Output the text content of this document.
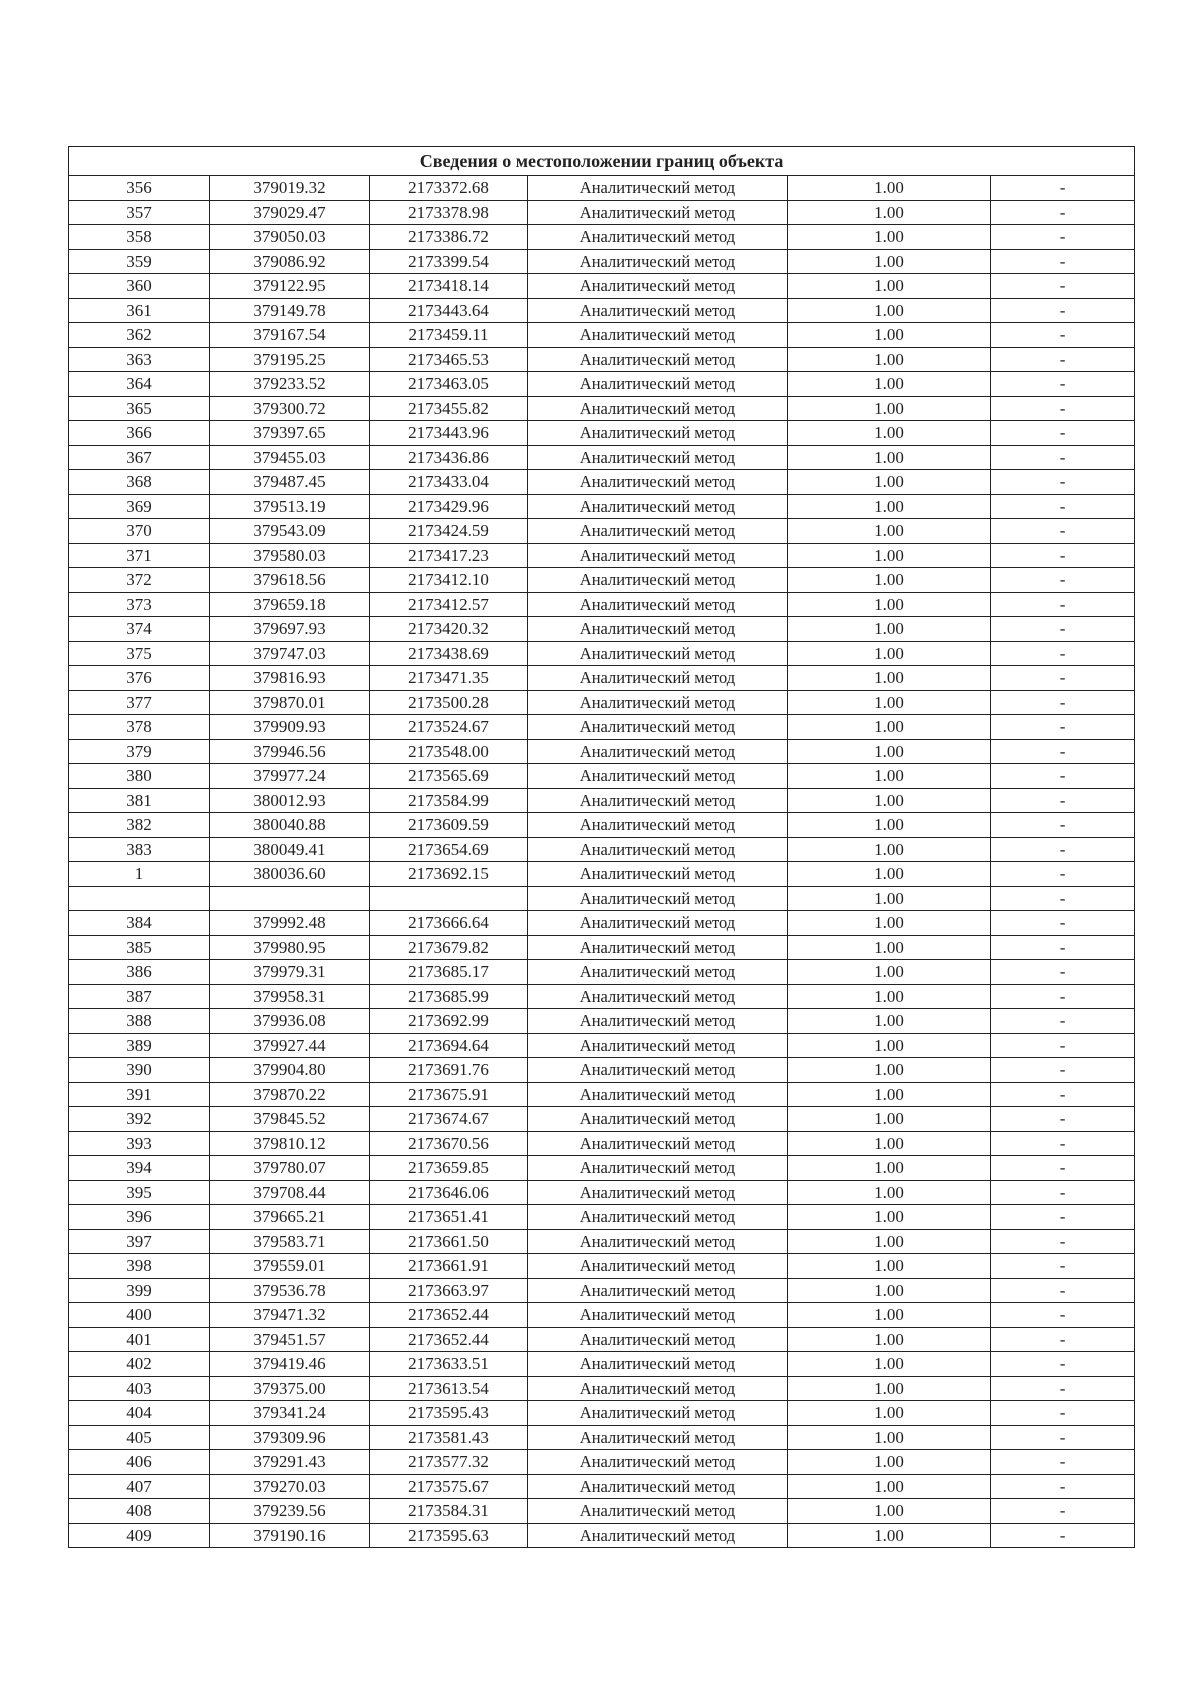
Сведения о местоположении границ объекта					
356	379019.32	2173372.68	Аналитический метод	1.00	-
357	379029.47	2173378.98	Аналитический метод	1.00	-
358	379050.03	2173386.72	Аналитический метод	1.00	-
359	379086.92	2173399.54	Аналитический метод	1.00	-
360	379122.95	2173418.14	Аналитический метод	1.00	-
361	379149.78	2173443.64	Аналитический метод	1.00	-
362	379167.54	2173459.11	Аналитический метод	1.00	-
363	379195.25	2173465.53	Аналитический метод	1.00	-
364	379233.52	2173463.05	Аналитический метод	1.00	-
365	379300.72	2173455.82	Аналитический метод	1.00	-
366	379397.65	2173443.96	Аналитический метод	1.00	-
367	379455.03	2173436.86	Аналитический метод	1.00	-
368	379487.45	2173433.04	Аналитический метод	1.00	-
369	379513.19	2173429.96	Аналитический метод	1.00	-
370	379543.09	2173424.59	Аналитический метод	1.00	-
371	379580.03	2173417.23	Аналитический метод	1.00	-
372	379618.56	2173412.10	Аналитический метод	1.00	-
373	379659.18	2173412.57	Аналитический метод	1.00	-
374	379697.93	2173420.32	Аналитический метод	1.00	-
375	379747.03	2173438.69	Аналитический метод	1.00	-
376	379816.93	2173471.35	Аналитический метод	1.00	-
377	379870.01	2173500.28	Аналитический метод	1.00	-
378	379909.93	2173524.67	Аналитический метод	1.00	-
379	379946.56	2173548.00	Аналитический метод	1.00	-
380	379977.24	2173565.69	Аналитический метод	1.00	-
381	380012.93	2173584.99	Аналитический метод	1.00	-
382	380040.88	2173609.59	Аналитический метод	1.00	-
383	380049.41	2173654.69	Аналитический метод	1.00	-
1	380036.60	2173692.15	Аналитический метод	1.00	-
			Аналитический метод	1.00	-
384	379992.48	2173666.64	Аналитический метод	1.00	-
385	379980.95	2173679.82	Аналитический метод	1.00	-
386	379979.31	2173685.17	Аналитический метод	1.00	-
387	379958.31	2173685.99	Аналитический метод	1.00	-
388	379936.08	2173692.99	Аналитический метод	1.00	-
389	379927.44	2173694.64	Аналитический метод	1.00	-
390	379904.80	2173691.76	Аналитический метод	1.00	-
391	379870.22	2173675.91	Аналитический метод	1.00	-
392	379845.52	2173674.67	Аналитический метод	1.00	-
393	379810.12	2173670.56	Аналитический метод	1.00	-
394	379780.07	2173659.85	Аналитический метод	1.00	-
395	379708.44	2173646.06	Аналитический метод	1.00	-
396	379665.21	2173651.41	Аналитический метод	1.00	-
397	379583.71	2173661.50	Аналитический метод	1.00	-
398	379559.01	2173661.91	Аналитический метод	1.00	-
399	379536.78	2173663.97	Аналитический метод	1.00	-
400	379471.32	2173652.44	Аналитический метод	1.00	-
401	379451.57	2173652.44	Аналитический метод	1.00	-
402	379419.46	2173633.51	Аналитический метод	1.00	-
403	379375.00	2173613.54	Аналитический метод	1.00	-
404	379341.24	2173595.43	Аналитический метод	1.00	-
405	379309.96	2173581.43	Аналитический метод	1.00	-
406	379291.43	2173577.32	Аналитический метод	1.00	-
407	379270.03	2173575.67	Аналитический метод	1.00	-
408	379239.56	2173584.31	Аналитический метод	1.00	-
409	379190.16	2173595.63	Аналитический метод	1.00	-
